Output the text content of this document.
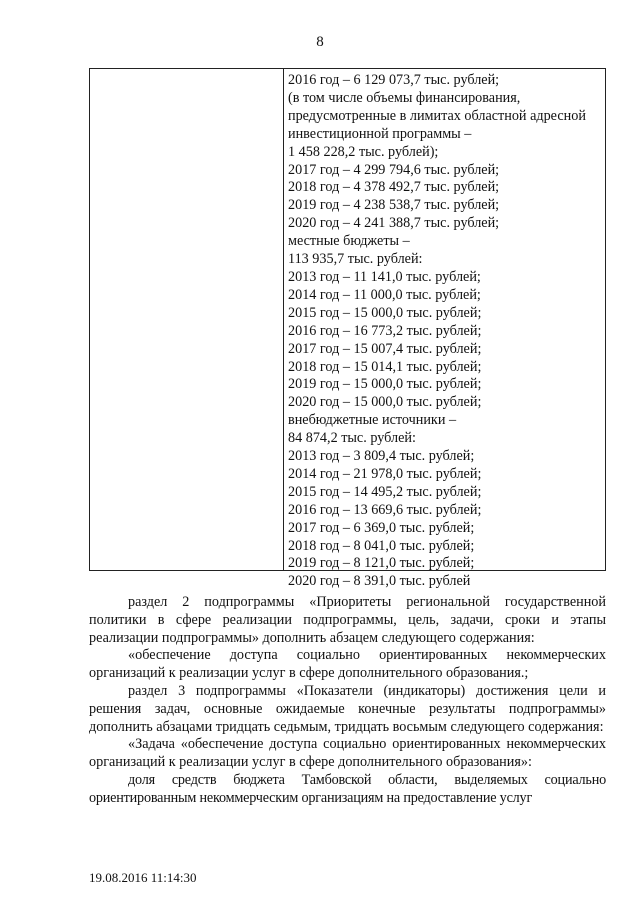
8
2016 год – 6 129 073,7 тыс. рублей;
(в том числе объемы финансирования,
предусмотренные в лимитах областной адресной
инвестиционной программы –
1 458 228,2 тыс. рублей);
2017 год – 4 299 794,6 тыс. рублей;
2018 год – 4 378 492,7 тыс. рублей;
2019 год – 4 238 538,7 тыс. рублей;
2020 год – 4 241 388,7 тыс. рублей;
местные бюджеты –
113 935,7 тыс. рублей:
2013 год – 11 141,0 тыс. рублей;
2014 год – 11 000,0 тыс. рублей;
2015 год – 15 000,0 тыс. рублей;
2016 год – 16 773,2 тыс. рублей;
2017 год – 15 007,4 тыс. рублей;
2018 год – 15 014,1 тыс. рублей;
2019 год – 15 000,0 тыс. рублей;
2020 год – 15 000,0 тыс. рублей;
внебюджетные источники –
84 874,2 тыс. рублей:
2013 год – 3 809,4 тыс. рублей;
2014 год – 21 978,0 тыс. рублей;
2015 год – 14 495,2 тыс. рублей;
2016 год – 13 669,6 тыс. рублей;
2017 год – 6 369,0 тыс. рублей;
2018 год – 8 041,0 тыс. рублей;
2019 год – 8 121,0 тыс. рублей;
2020 год – 8 391,0 тыс. рублей

раздел 2 подпрограммы «Приоритеты региональной государственной политики в сфере реализации подпрограммы, цель, задачи, сроки и этапы реализации подпрограммы» дополнить абзацем следующего содержания:

«обеспечение доступа социально ориентированных некоммерческих организаций к реализации услуг в сфере дополнительного образования.;

раздел 3 подпрограммы «Показатели (индикаторы) достижения цели и решения задач, основные ожидаемые конечные результаты подпрограммы» дополнить абзацами тридцать седьмым, тридцать восьмым следующего содержания:

«Задача «обеспечение доступа социально ориентированных некоммерческих организаций к реализации услуг в сфере дополнительного образования»:

доля средств бюджета Тамбовской области, выделяемых социально ориентированным некоммерческим организациям на предоставление услуг

19.08.2016 11:14:30
